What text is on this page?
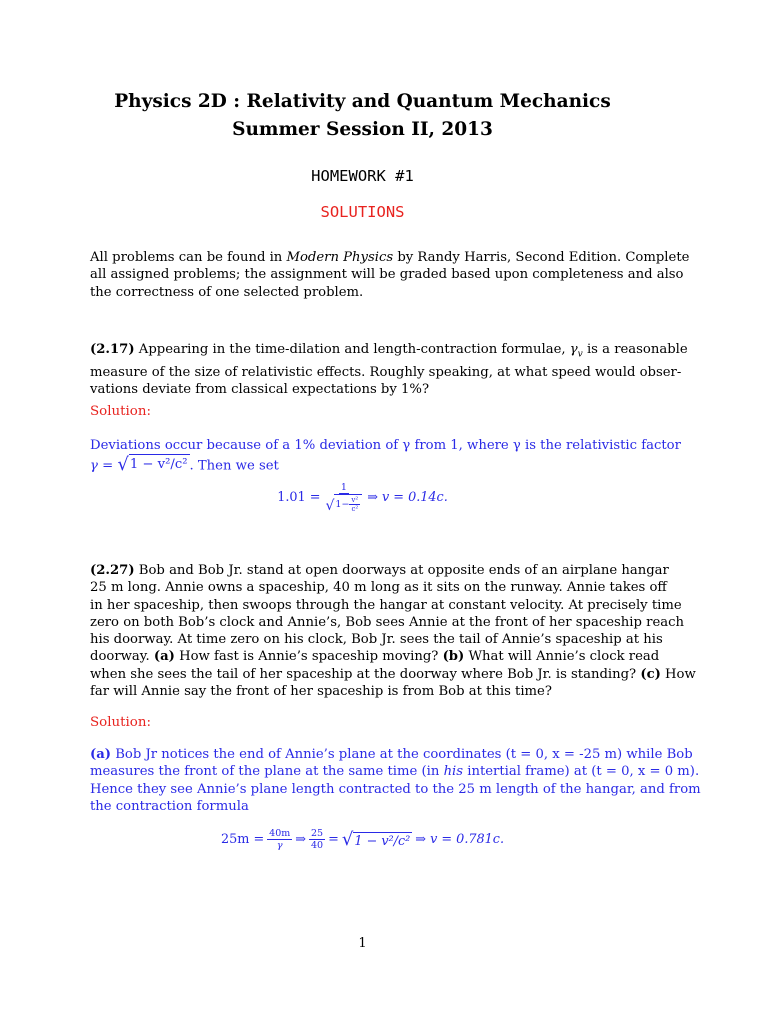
Physics 2D : Relativity and Quantum Mechanics
Summer Session II, 2013
HOMEWORK #1
SOLUTIONS
All problems can be found in Modern Physics by Randy Harris, Second Edition. Complete
all assigned problems; the assignment will be graded based upon completeness and also
the correctness of one selected problem.
(2.17) Appearing in the time-dilation and length-contraction formulae, $\gamma_v$ is a reasonable
measure of the size of relativistic effects. Roughly speaking, at what speed would obser-
vations deviate from classical expectations by 1%?
Solution:
Deviations occur because of a 1% deviation of γ from 1, where γ is the relativistic factor
γ = √ 1 − v²/c² . Then we set
$1.01 = \frac{1}{√ 1- \frac{\text{v²}}{\text{c²}}}$ ⇒ v = 0.14c.
(2.27) Bob and Bob Jr. stand at open doorways at opposite ends of an airplane hangar
25 m long. Annie owns a spaceship, 40 m long as it sits on the runway. Annie takes off
in her spaceship, then swoops through the hangar at constant velocity. At precisely time
zero on both Bob’s clock and Annie’s, Bob sees Annie at the front of her spaceship reach
his doorway. At time zero on his clock, Bob Jr. sees the tail of Annie’s spaceship at his
doorway. (a) How fast is Annie’s spaceship moving? (b) What will Annie’s clock read
when she sees the tail of her spaceship at the doorway where Bob Jr. is standing? (c) How
far will Annie say the front of her spaceship is from Bob at this time?
Solution:
(a) Bob Jr notices the end of Annie’s plane at the coordinates (t = 0, x = -25 m) while Bob
measures the front of the plane at the same time (in his intertial frame) at (t = 0, x = 0 m).
Hence they see Annie’s plane length contracted to the 25 m length of the hangar, and from
the contraction formula
$25m = \frac{40m}{\gamma}$ ⇒ $\frac{25}{40}$ = √ 1 − v²/c² ⇒ v = 0.781c.
1
